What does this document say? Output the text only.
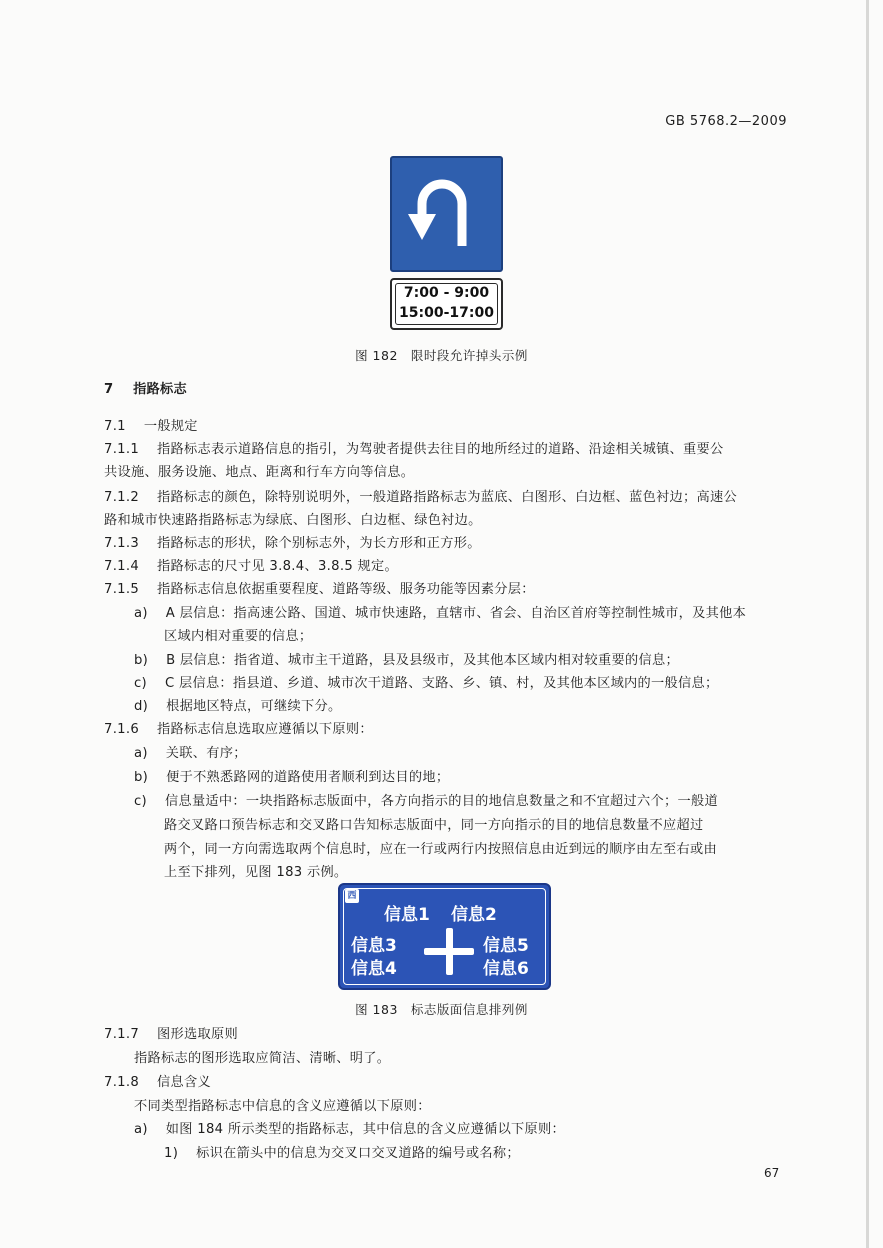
GB 5768.2—2009
7:00 - 9:00
15:00-17:00
图 182　限时段允许掉头示例
7 指路标志
7.1 一般规定
7.1.1 指路标志表示道路信息的指引，为驾驶者提供去往目的地所经过的道路、沿途相关城镇、重要公
共设施、服务设施、地点、距离和行车方向等信息。
7.1.2 指路标志的颜色，除特别说明外，一般道路指路标志为蓝底、白图形、白边框、蓝色衬边；高速公
路和城市快速路指路标志为绿底、白图形、白边框、绿色衬边。
7.1.3 指路标志的形状，除个别标志外，为长方形和正方形。
7.1.4 指路标志的尺寸见 3.8.4、3.8.5 规定。
7.1.5 指路标志信息依据重要程度、道路等级、服务功能等因素分层：
a) A 层信息：指高速公路、国道、城市快速路，直辖市、省会、自治区首府等控制性城市，及其他本
区域内相对重要的信息；
b) B 层信息：指省道、城市主干道路，县及县级市，及其他本区域内相对较重要的信息；
c) C 层信息：指县道、乡道、城市次干道路、支路、乡、镇、村，及其他本区域内的一般信息；
d) 根据地区特点，可继续下分。
7.1.6 指路标志信息选取应遵循以下原则：
a) 关联、有序；
b) 便于不熟悉路网的道路使用者顺利到达目的地；
c) 信息量适中：一块指路标志版面中，各方向指示的目的地信息数量之和不宜超过六个；一般道
路交叉路口预告标志和交叉路口告知标志版面中，同一方向指示的目的地信息数量不应超过
两个，同一方向需选取两个信息时，应在一行或两行内按照信息由近到远的顺序由左至右或由
上至下排列，见图 183 示例。
西
信息1 信息2
信息3
信息4
信息5
信息6
图 183　标志版面信息排列例
7.1.7 图形选取原则
指路标志的图形选取应简洁、清晰、明了。
7.1.8 信息含义
不同类型指路标志中信息的含义应遵循以下原则：
a) 如图 184 所示类型的指路标志，其中信息的含义应遵循以下原则：
1) 标识在箭头中的信息为交叉口交叉道路的编号或名称；
67
